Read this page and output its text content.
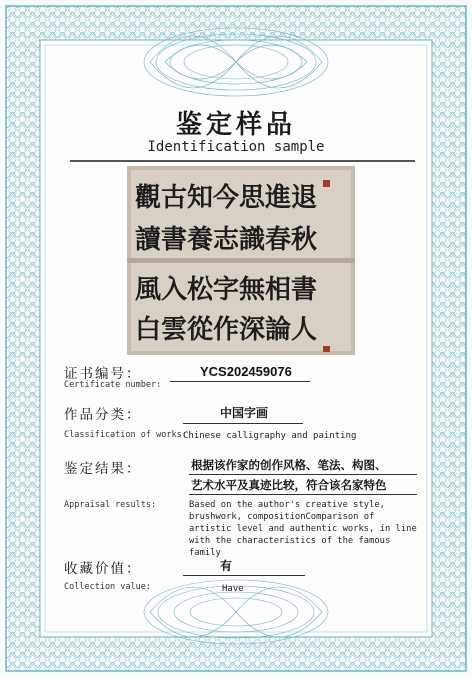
鉴定样品
Identification sample
觀古知今思進退
讀書養志識春秋
風入松字無相書
白雲從作深論人
证书编号：
Certificate number:
YCS202459076
作品分类：
Classification of works:
中国字画
Chinese calligraphy and painting
鉴定结果：
Appraisal results:
根据该作家的创作风格、笔法、构图、
艺术水平及真迹比较，符合该名家特色
Based on the author's creative style, brushwork, compositionComparison of artistic level and authentic works, in line with the characteristics of the famous family
收藏价值：
Collection value:
有
Have
